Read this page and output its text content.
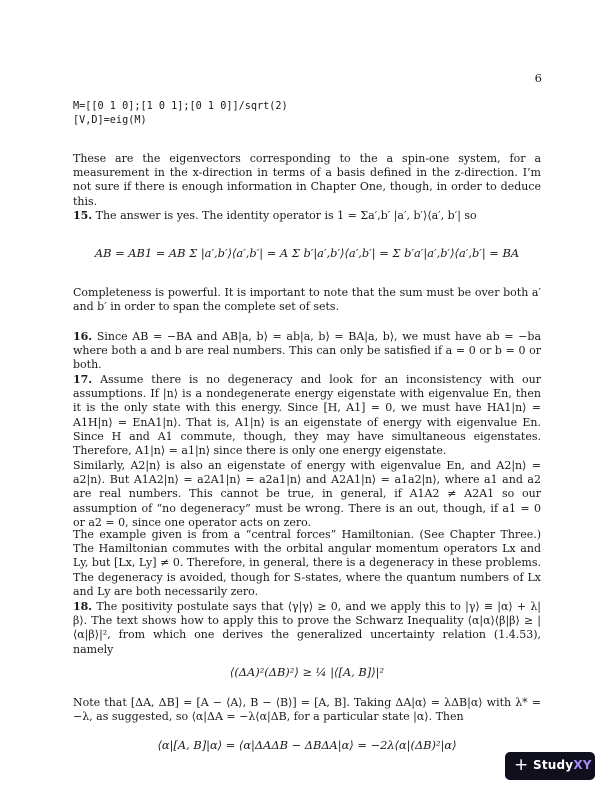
6
M=[[0 1 0];[1 0 1];[0 1 0]]/sqrt(2)
[V,D]=eig(M)
These are the eigenvectors corresponding to the a spin-one system, for a measurement in the x-direction in terms of a basis defined in the z-direction. I’m not sure if there is enough information in Chapter One, though, in order to deduce this.
15. The answer is yes. The identity operator is 1 = Σa′,b′ |a′, b′⟩⟨a′, b′| so
AB = AB1 = AB Σ |a′,b′⟩⟨a′,b′| = A Σ b′|a′,b′⟩⟨a′,b′| = Σ b′a′|a′,b′⟩⟨a′,b′| = BA
Completeness is powerful. It is important to note that the sum must be over both a′ and b′ in order to span the complete set of sets.
16. Since AB = −BA and AB|a, b⟩ = ab|a, b⟩ = BA|a, b⟩, we must have ab = −ba where both a and b are real numbers. This can only be satisfied if a = 0 or b = 0 or both.
17. Assume there is no degeneracy and look for an inconsistency with our assumptions. If |n⟩ is a nondegenerate energy eigenstate with eigenvalue En, then it is the only state with this energy. Since [H, A1] = 0, we must have HA1|n⟩ = A1H|n⟩ = EnA1|n⟩. That is, A1|n⟩ is an eigenstate of energy with eigenvalue En. Since H and A1 commute, though, they may have simultaneous eigenstates. Therefore, A1|n⟩ = a1|n⟩ since there is only one energy eigenstate.
Similarly, A2|n⟩ is also an eigenstate of energy with eigenvalue En, and A2|n⟩ = a2|n⟩. But A1A2|n⟩ = a2A1|n⟩ = a2a1|n⟩ and A2A1|n⟩ = a1a2|n⟩, where a1 and a2 are real numbers. This cannot be true, in general, if A1A2 ≠ A2A1 so our assumption of “no degeneracy” must be wrong. There is an out, though, if a1 = 0 or a2 = 0, since one operator acts on zero.
The example given is from a “central forces” Hamiltonian. (See Chapter Three.) The Hamiltonian commutes with the orbital angular momentum operators Lx and Ly, but [Lx, Ly] ≠ 0. Therefore, in general, there is a degeneracy in these problems. The degeneracy is avoided, though for S-states, where the quantum numbers of Lx and Ly are both necessarily zero.
18. The positivity postulate says that ⟨γ|γ⟩ ≥ 0, and we apply this to |γ⟩ ≡ |α⟩ + λ|β⟩. The text shows how to apply this to prove the Schwarz Inequality ⟨α|α⟩⟨β|β⟩ ≥ |⟨α|β⟩|², from which one derives the generalized uncertainty relation (1.4.53), namely
⟨(ΔA)²(ΔB)²⟩ ≥ ¼ |⟨[A, B]⟩|²
Note that [ΔA, ΔB] = [A − ⟨A⟩, B − ⟨B⟩] = [A, B]. Taking ΔA|α⟩ = λΔB|α⟩ with λ* = −λ, as suggested, so ⟨α|ΔA = −λ⟨α|ΔB, for a particular state |α⟩. Then
⟨α|[A, B]|α⟩ = ⟨α|ΔAΔB − ΔBΔA|α⟩ = −2λ⟨α|(ΔB)²|α⟩
+ StudyXY
